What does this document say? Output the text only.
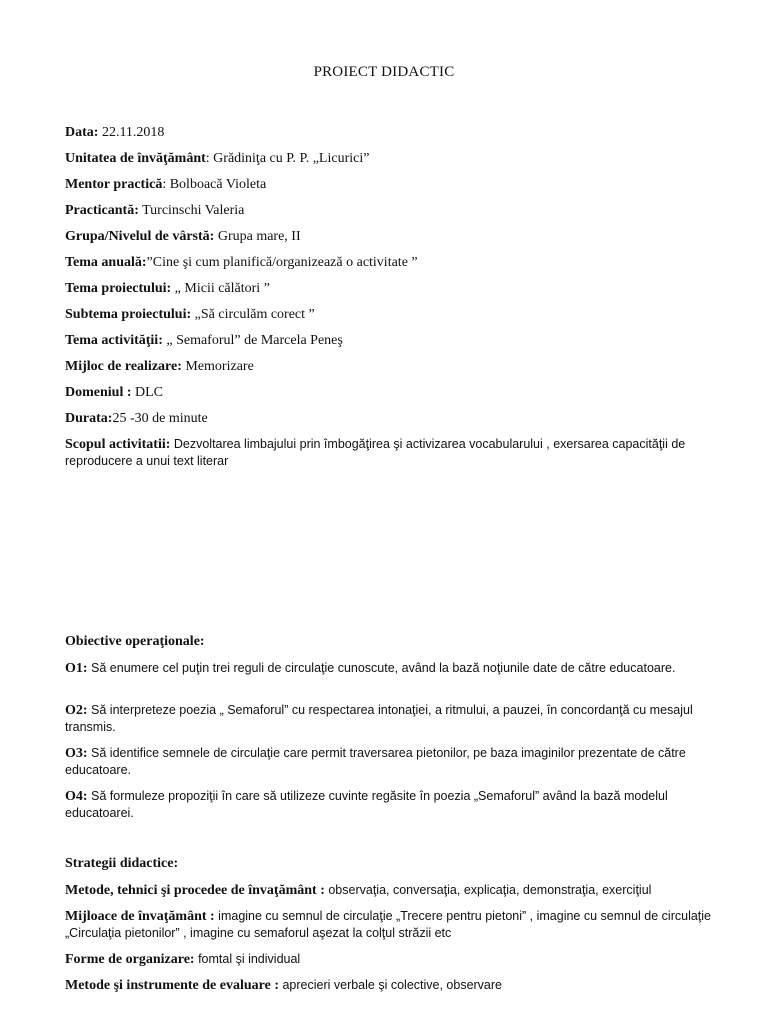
PROIECT DIDACTIC
Data: 22.11.2018
Unitatea de învăţământ: Grădiniţa cu P. P. „Licurici”
Mentor practică: Bolboacă Violeta
Practicantă: Turcinschi Valeria
Grupa/Nivelul de vârstă: Grupa mare, II
Tema anuală:”Cine şi cum planifică/organizează o activitate ”
Tema proiectului: „ Micii călători ”
Subtema proiectului: „Să circulăm corect ”
Tema activităţii: „ Semaforul” de Marcela Peneş
Mijloc de realizare: Memorizare
Domeniul : DLC
Durata:25 -30 de minute
Scopul activitatii: Dezvoltarea limbajului prin îmbogăţirea şi activizarea vocabularului , exersarea capacităţii de reproducere a unui text literar
Obiective operaţionale:
O1: Să enumere cel puţin trei reguli de circulaţie cunoscute, având la bază noţiunile date de către educatoare.
O2: Să interpreteze poezia „ Semaforul” cu respectarea intonaţiei, a ritmului, a pauzei, în concordanţă cu mesajul transmis.
O3: Să identifice semnele de circulaţie care permit traversarea pietonilor, pe baza imaginilor prezentate de către educatoare.
O4: Să formuleze propoziţii în care să utilizeze cuvinte regăsite în poezia „Semaforul” având la bază modelul educatoarei.
Strategii didactice:
Metode, tehnici şi procedee de învaţământ : observaţia, conversaţia, explicaţia, demonstraţia, exerciţiul
Mijloace de învaţământ : imagine cu semnul de circulaţie „Trecere pentru pietoni” , imagine cu semnul de circulaţie „Circulaţia pietonilor” , imagine cu semaforul aşezat la colţul străzii etc
Forme de organizare: fomtal şi individual
Metode şi instrumente de evaluare : aprecieri verbale şi colective, observare
